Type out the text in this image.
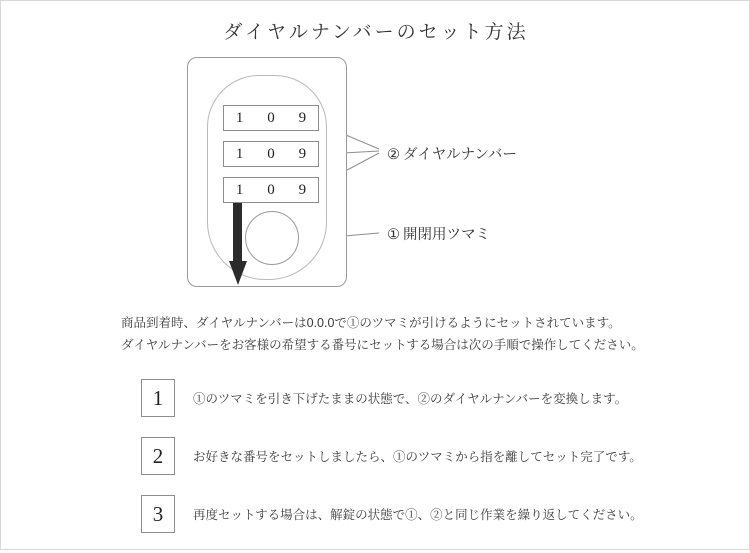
ダイヤルナンバーのセット方法
1	0	9
1	0	9
1	0	9
② ダイヤルナンバー
① 開閉用ツマミ
商品到着時、ダイヤルナンバーは0.0.0で①のツマミが引けるようにセットされています。
ダイヤルナンバーをお客様の希望する番号にセットする場合は次の手順で操作してください。
1	①のツマミを引き下げたままの状態で、②のダイヤルナンバーを変換します。
2	お好きな番号をセットしましたら、①のツマミから指を離してセット完了です。
3	再度セットする場合は、解錠の状態で①、②と同じ作業を繰り返してください。
